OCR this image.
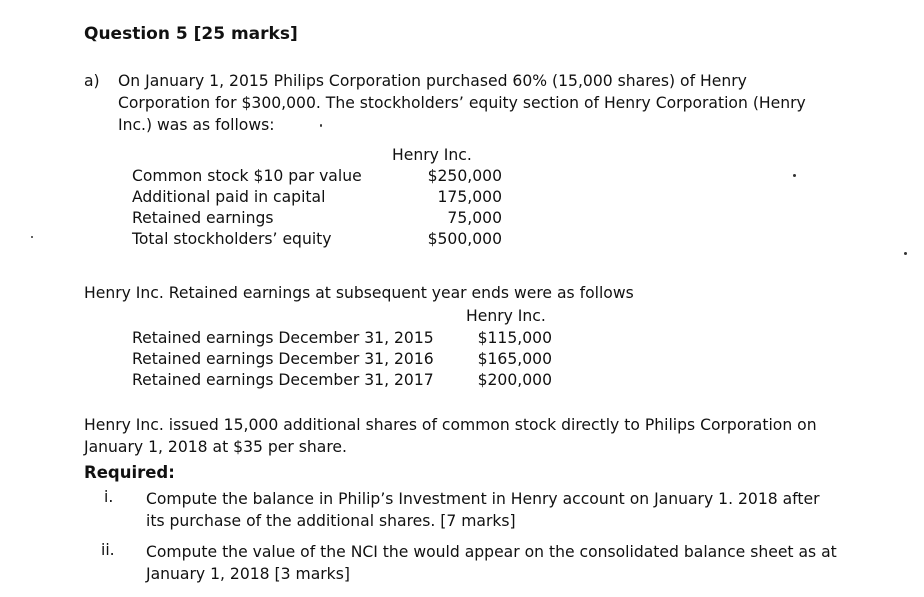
Question 5 [25 marks]
a) On January 1, 2015 Philips Corporation purchased 60% (15,000 shares) of Henry
Corporation for $300,000. The stockholders’ equity section of Henry Corporation (Henry
Inc.) was as follows:
Henry Inc.
Common stock $10 par value
Additional paid in capital
Retained earnings
Total stockholders’ equity
$250,000
175,000
75,000
$500,000
Henry Inc. Retained earnings at subsequent year ends were as follows
Henry Inc.
Retained earnings December 31, 2015
Retained earnings December 31, 2016
Retained earnings December 31, 2017
$115,000
$165,000
$200,000
Henry Inc. issued 15,000 additional shares of common stock directly to Philips Corporation on
January 1, 2018 at $35 per share.
Required:
i. Compute the balance in Philip’s Investment in Henry account on January 1. 2018 after
its purchase of the additional shares. [7 marks]
ii. Compute the value of the NCI the would appear on the consolidated balance sheet as at
January 1, 2018 [3 marks]
